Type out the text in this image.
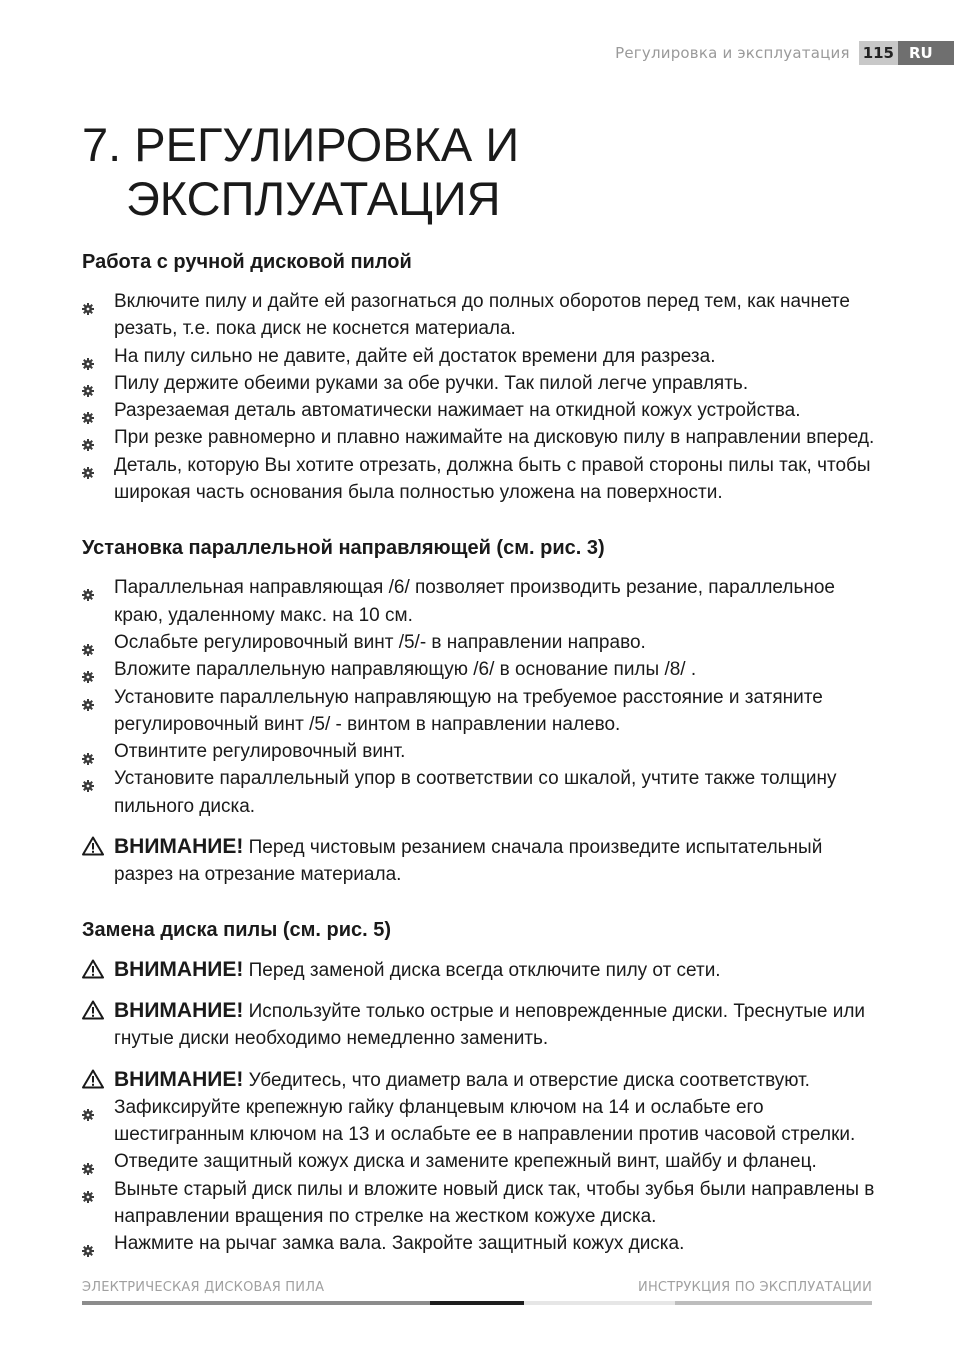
Регулировка и эксплуатация 115	RU
7. РЕГУЛИРОВКА И
ЭКСПЛУАТАЦИЯ
Работа с ручной дисковой пилой
Включите пилу и дайте ей разогнаться до полных оборотов перед тем, как начнете резать, т.е. пока диск не коснется материала.
На пилу сильно не давите, дайте ей достаток времени для разреза.
Пилу держите обеими руками за обе ручки. Так пилой легче управлять.
Разрезаемая деталь автоматически нажимает на откидной кожух устройства.
При резке равномерно и плавно нажимайте на дисковую пилу в направлении вперед.
Деталь, которую Вы хотите отрезать, должна быть с правой стороны пилы так, чтобы широкая часть основания была полностью уложена на поверхности.
Установка параллельной направляющей (см. рис. 3)
Параллельная направляющая /6/ позволяет производить резание, параллельное краю, удаленному макс. на 10 см.
Ослабьте регулировочный винт /5/- в направлении направо.
Вложите параллельную направляющую /6/ в основание пилы /8/ .
Установите параллельную направляющую на требуемое расстояние и затяните регулировочный винт /5/ - винтом в направлении налево.
Отвинтите регулировочный винт.
Установите параллельный упор в соответствии со шкалой, учтите также толщину пильного диска.
ВНИМАНИЕ! Перед чистовым резанием сначала произведите испытательный разрез на отрезание материала.
Замена диска пилы (см. рис. 5)
ВНИМАНИЕ! Перед заменой диска всегда отключите пилу от сети.
ВНИМАНИЕ! Используйте только острые и неповрежденные диски. Треснутые или гнутые диски необходимо немедленно заменить.
ВНИМАНИЕ! Убедитесь, что диаметр вала и отверстие диска соответствуют.
Зафиксируйте крепежную гайку фланцевым ключом на 14 и ослабьте его шестигранным ключом на 13 и ослабьте ее в направлении против часовой стрелки.
Отведите защитный кожух диска и замените крепежный винт, шайбу и фланец.
Выньте старый диск пилы и вложите новый диск так, чтобы зубья были направлены в направлении вращения по стрелке на жестком кожухе диска.
Нажмите на рычаг замка вала. Закройте защитный кожух диска.
ЭЛЕКТРИЧЕСКАЯ ДИСКОВАЯ ПИЛА	ИНСТРУКЦИЯ ПО ЭКСПЛУАТАЦИИ
